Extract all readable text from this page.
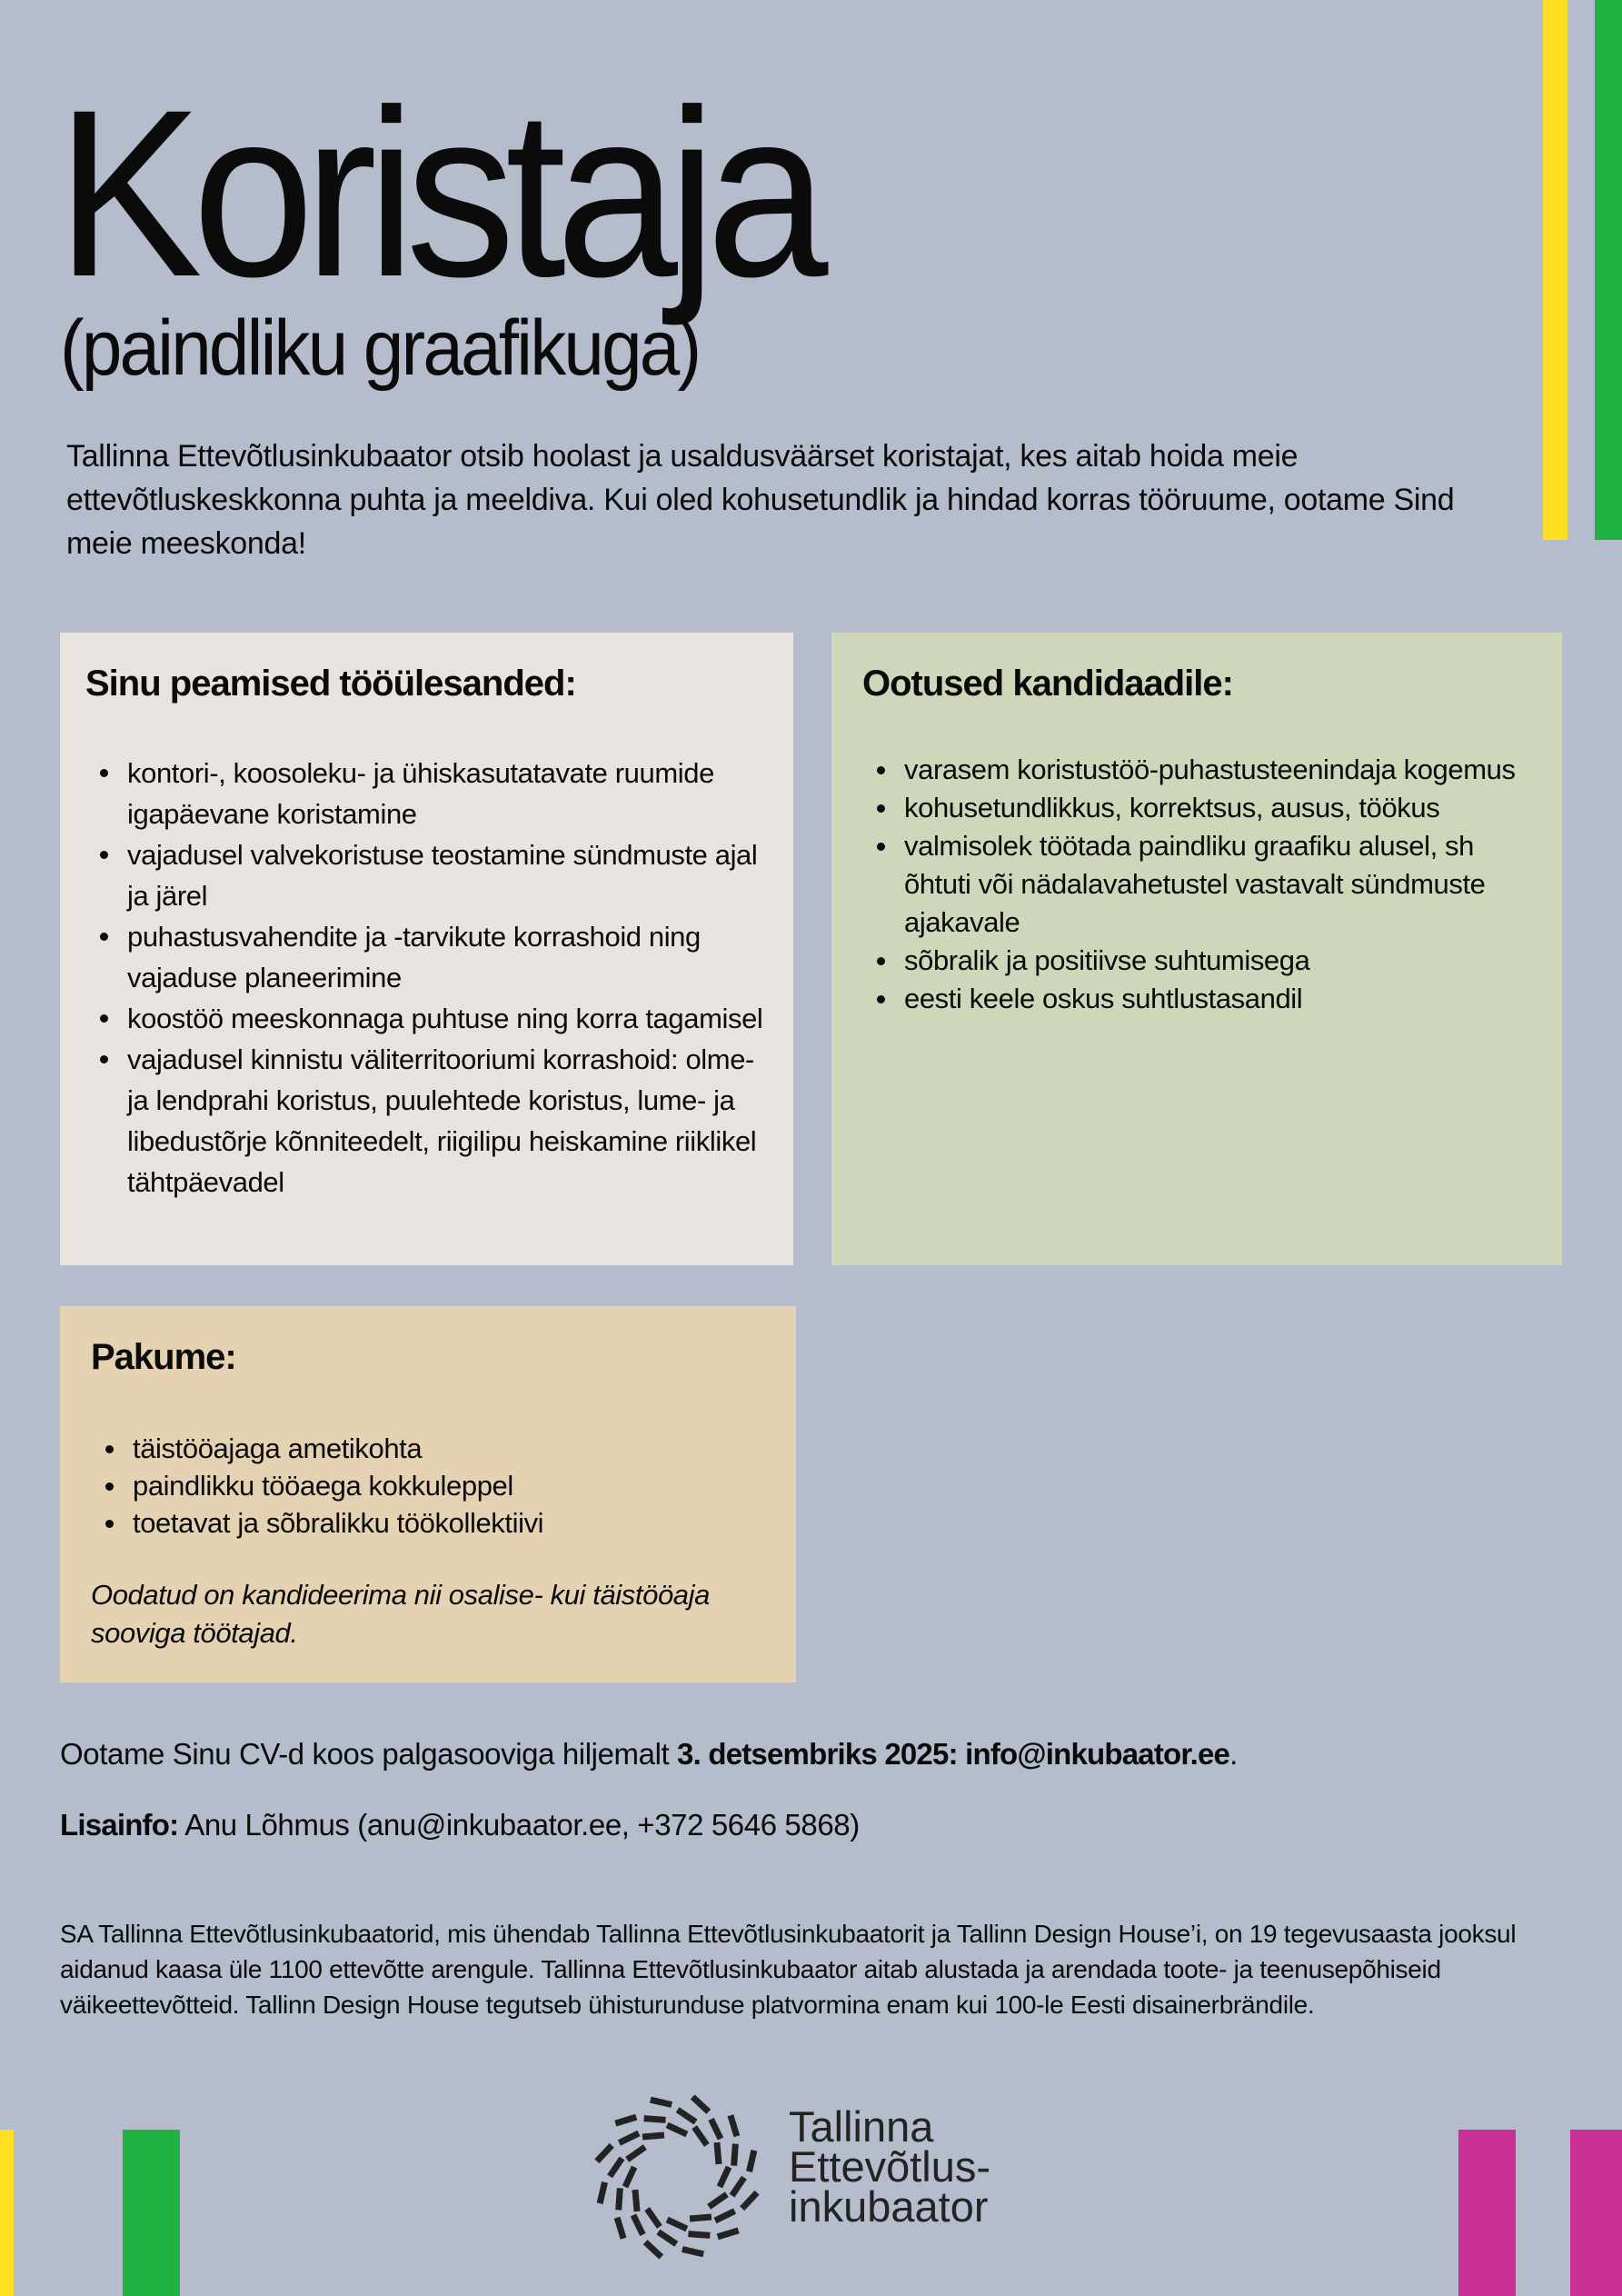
Koristaja
(paindliku graafikuga)

Tallinna Ettevõtlusinkubaator otsib hoolast ja usaldusväärset koristajat, kes aitab hoida meie ettevõtluskeskkonna puhta ja meeldiva. Kui oled kohusetundlik ja hindad korras tööruume, ootame Sind meie meeskonda!

Sinu peamised tööülesanded:
kontori-, koosoleku- ja ühiskasutatavate ruumide igapäevane koristamine
vajadusel valvekoristuse teostamine sündmuste ajal ja järel
puhastusvahendite ja -tarvikute korrashoid ning vajaduse planeerimine
koostöö meeskonnaga puhtuse ning korra tagamisel
vajadusel kinnistu väliterritooriumi korrashoid: olme- ja lendprahi koristus, puulehtede koristus, lume- ja libedustõrje kõnniteedelt, riigilipu heiskamine riiklikel tähtpäevadel
Ootused kandidaadile:
varasem koristustöö-puhastusteenindaja kogemus
kohusetundlikkus, korrektsus, ausus, töökus
valmisolek töötada paindliku graafiku alusel, sh õhtuti või nädalavahetustel vastavalt sündmuste ajakavale
sõbralik ja positiivse suhtumisega
eesti keele oskus suhtlustasandil
Pakume:
täistööajaga ametikohta
paindlikku tööaega kokkuleppel
toetavat ja sõbralikku töökollektiivi

Oodatud on kandideerima nii osalise- kui täistööaja sooviga töötajad.

Ootame Sinu CV-d koos palgasooviga hiljemalt 3. detsembriks 2025: info@inkubaator.ee.

Lisainfo: Anu Lõhmus (anu@inkubaator.ee, +372 5646 5868)

SA Tallinna Ettevõtlusinkubaatorid, mis ühendab Tallinna Ettevõtlusinkubaatorit ja Tallinn Design House’i, on 19 tegevusaasta jooksul aidanud kaasa üle 1100 ettevõtte arengule. Tallinna Ettevõtlusinkubaator aitab alustada ja arendada toote- ja teenusepõhiseid väikeettevõtteid. Tallinn Design House tegutseb ühisturunduse platvormina enam kui 100-le Eesti disainerbrändile.

Tallinna
Ettevõtlus-
inkubaator
